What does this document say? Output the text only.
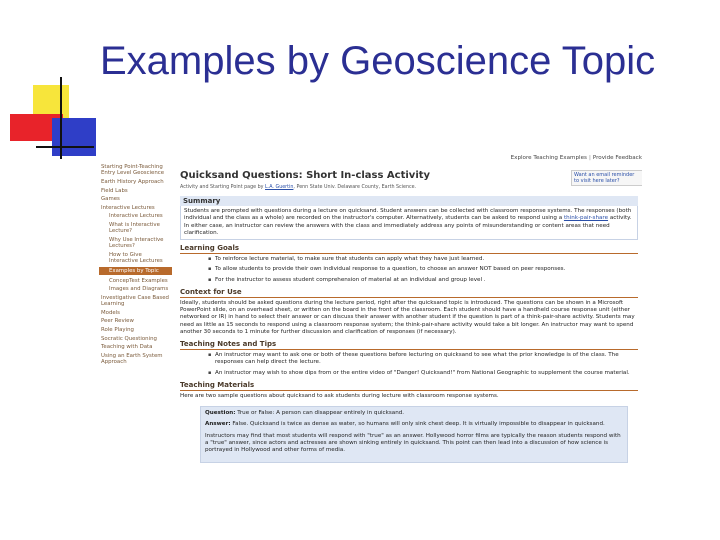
Examples by Geoscience Topic
Explore Teaching Examples | Provide Feedback
Starting Point-Teaching Entry Level Geoscience
Earth History Approach
Field Labs
Games
Interactive Lectures
Interactive Lectures
What is Interactive Lecture?
Why Use Interactive Lectures?
How to Give Interactive Lectures
Examples by Topic
ConcepTest Examples
Images and Diagrams
Investigative Case Based Learning
Models
Peer Review
Role Playing
Socratic Questioning
Teaching with Data
Using an Earth System Approach
Want an email reminder to visit here later?
Quicksand Questions: Short In-class Activity
Activity and Starting Point page by L.A. Guertin, Penn State Univ. Delaware County, Earth Science.
Summary
Students are prompted with questions during a lecture on quicksand. Student answers can be collected with classroom response systems. The responses (both individual and the class as a whole) are recorded on the instructor's computer. Alternatively, students can be asked to respond using a think-pair-share activity. In either case, an instructor can review the answers with the class and immediately address any points of misunderstanding or content areas that need clarification.
Learning Goals
▪ To reinforce lecture material, to make sure that students can apply what they have just learned.
▪ To allow students to provide their own individual response to a question, to choose an answer NOT based on peer responses.
▪ For the instructor to assess student comprehension of material at an individual and group level .
Context for Use
Ideally, students should be asked questions during the lecture period, right after the quicksand topic is introduced. The questions can be shown in a Microsoft PowerPoint slide, on an overhead sheet, or written on the board in the front of the classroom. Each student should have a handheld course response unit (either networked or IR) in hand to select their answer or can discuss their answer with another student if the question is part of a think-pair-share activity. Students may need as little as 15 seconds to respond using a classroom response system; the think-pair-share activity would take a bit longer. An instructor may want to spend another 30 seconds to 1 minute for further discussion and clarification of responses (if necessary).
Teaching Notes and Tips
▪ An instructor may want to ask one or both of these questions before lecturing on quicksand to see what the prior knowledge is of the class. The responses can help direct the lecture.
▪ An instructor may wish to show dips from or the entire video of "Danger! Quicksand!" from National Geographic to supplement the course material.
Teaching Materials
Here are two sample questions about quicksand to ask students during lecture with classroom response systems.

Question: True or False: A person can disappear entirely in quicksand.

Answer: False. Quicksand is twice as dense as water, so humans will only sink chest deep. It is virtually impossible to disappear in quicksand.

Instructors may find that most students will respond with "true" as an answer. Hollywood horror films are typically the reason students respond with a "true" answer, since actors and actresses are shown sinking entirely in quicksand. This point can then lead into a discussion of how science is portrayed in Hollywood and other forms of media.
